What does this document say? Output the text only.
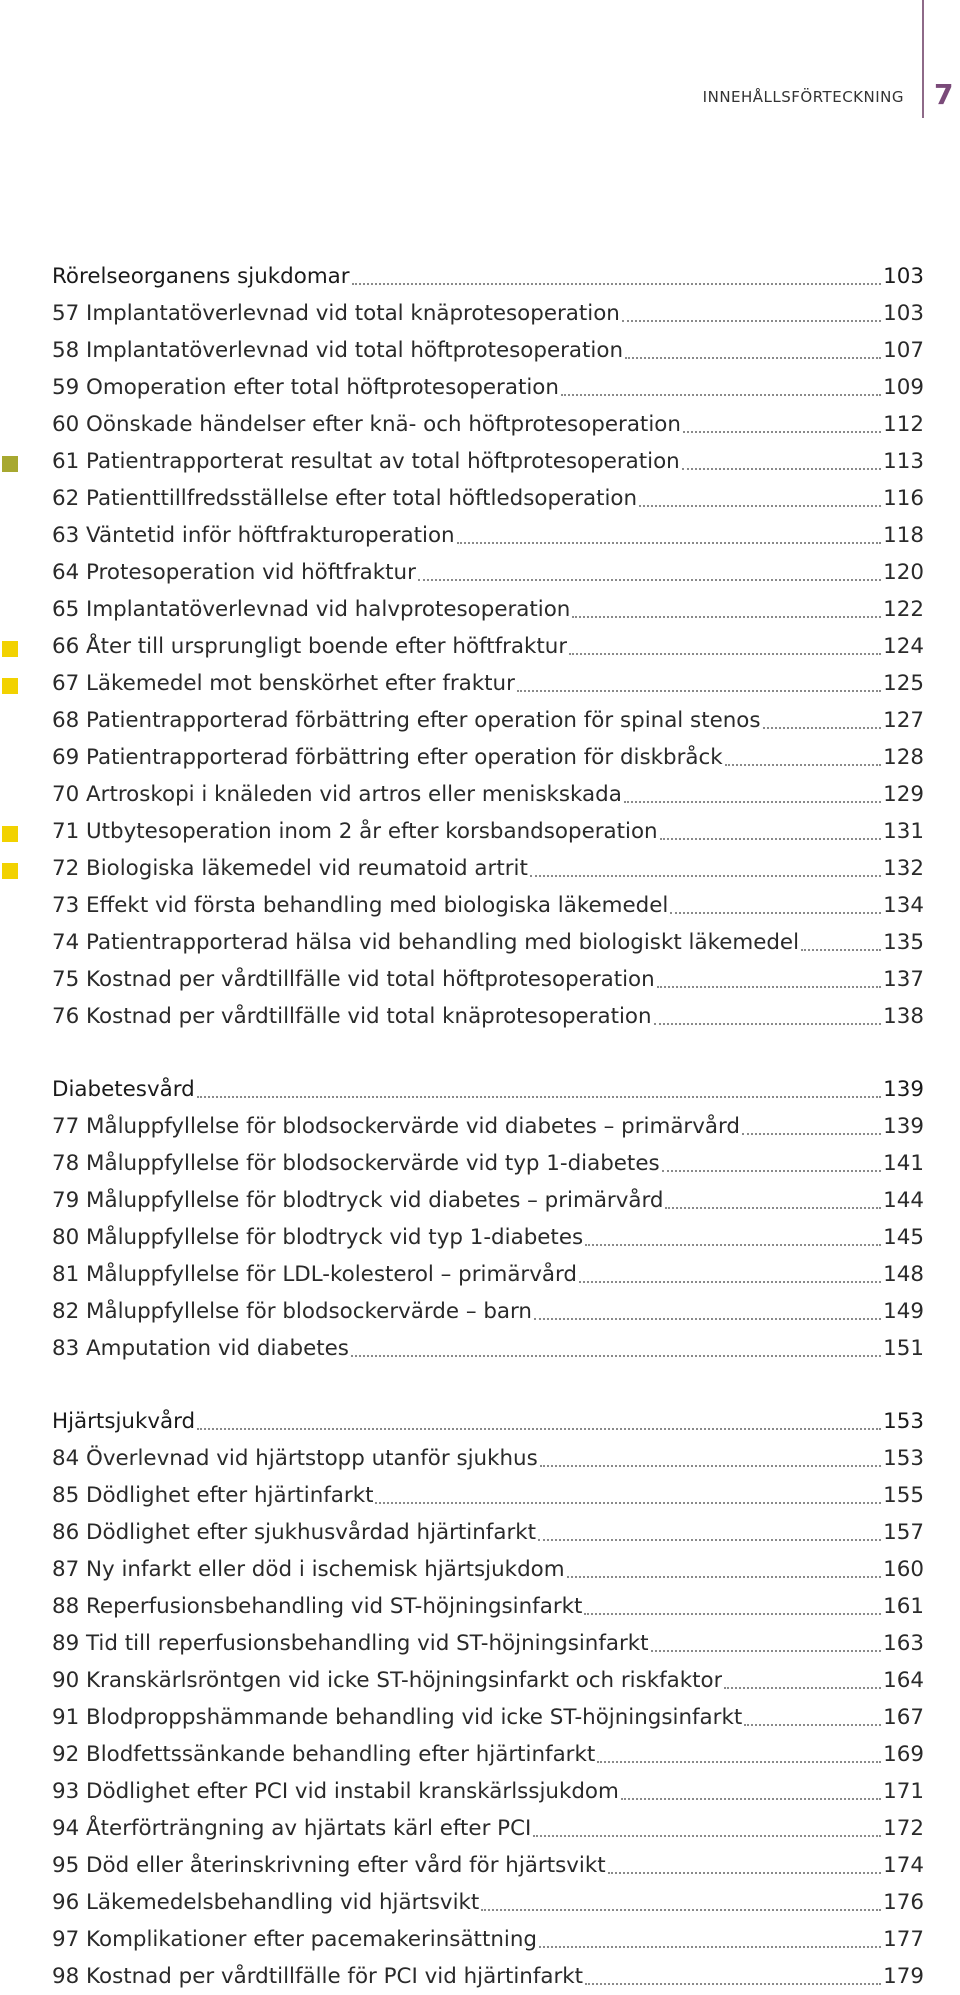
INNEHÅLLSFÖRTECKNING 7
Rörelseorganens sjukdomar	103
57 Implantatöverlevnad vid total knäprotesoperation	103
58 Implantatöverlevnad vid total höftprotesoperation	107
59 Omoperation efter total höftprotesoperation	109
60 Oönskade händelser efter knä- och höftprotesoperation	112
61 Patientrapporterat resultat av total höftprotesoperation	113
62 Patienttillfredsställelse efter total höftledsoperation	116
63 Väntetid inför höftfrakturoperation	118
64 Protesoperation vid höftfraktur	120
65 Implantatöverlevnad vid halvprotesoperation	122
66 Åter till ursprungligt boende efter höftfraktur	124
67 Läkemedel mot benskörhet efter fraktur	125
68 Patientrapporterad förbättring efter operation för spinal stenos	127
69 Patientrapporterad förbättring efter operation för diskbråck	128
70 Artroskopi i knäleden vid artros eller meniskskada	129
71 Utbytesoperation inom 2 år efter korsbandsoperation	131
72 Biologiska läkemedel vid reumatoid artrit	132
73 Effekt vid första behandling med biologiska läkemedel	134
74 Patientrapporterad hälsa vid behandling med biologiskt läkemedel	135
75 Kostnad per vårdtillfälle vid total höftprotesoperation	137
76 Kostnad per vårdtillfälle vid total knäprotesoperation	138
Diabetesvård	139
77 Måluppfyllelse för blodsockervärde vid diabetes – primärvård	139
78 Måluppfyllelse för blodsockervärde vid typ 1-diabetes	141
79 Måluppfyllelse för blodtryck vid diabetes – primärvård	144
80 Måluppfyllelse för blodtryck vid typ 1-diabetes	145
81 Måluppfyllelse för LDL-kolesterol – primärvård	148
82 Måluppfyllelse för blodsockervärde – barn	149
83 Amputation vid diabetes	151
Hjärtsjukvård	153
84 Överlevnad vid hjärtstopp utanför sjukhus	153
85 Dödlighet efter hjärtinfarkt	155
86 Dödlighet efter sjukhusvårdad hjärtinfarkt	157
87 Ny infarkt eller död i ischemisk hjärtsjukdom	160
88 Reperfusionsbehandling vid ST-höjningsinfarkt	161
89 Tid till reperfusionsbehandling vid ST-höjningsinfarkt	163
90 Kranskärlsröntgen vid icke ST-höjningsinfarkt och riskfaktor	164
91 Blodproppshämmande behandling vid icke ST-höjningsinfarkt	167
92 Blodfettssänkande behandling efter hjärtinfarkt	169
93 Dödlighet efter PCI vid instabil kranskärlssjukdom	171
94 Återförträngning av hjärtats kärl efter PCI	172
95 Död eller återinskrivning efter vård för hjärtsvikt	174
96 Läkemedelsbehandling vid hjärtsvikt	176
97 Komplikationer efter pacemakerinsättning	177
98 Kostnad per vårdtillfälle för PCI vid hjärtinfarkt	179
